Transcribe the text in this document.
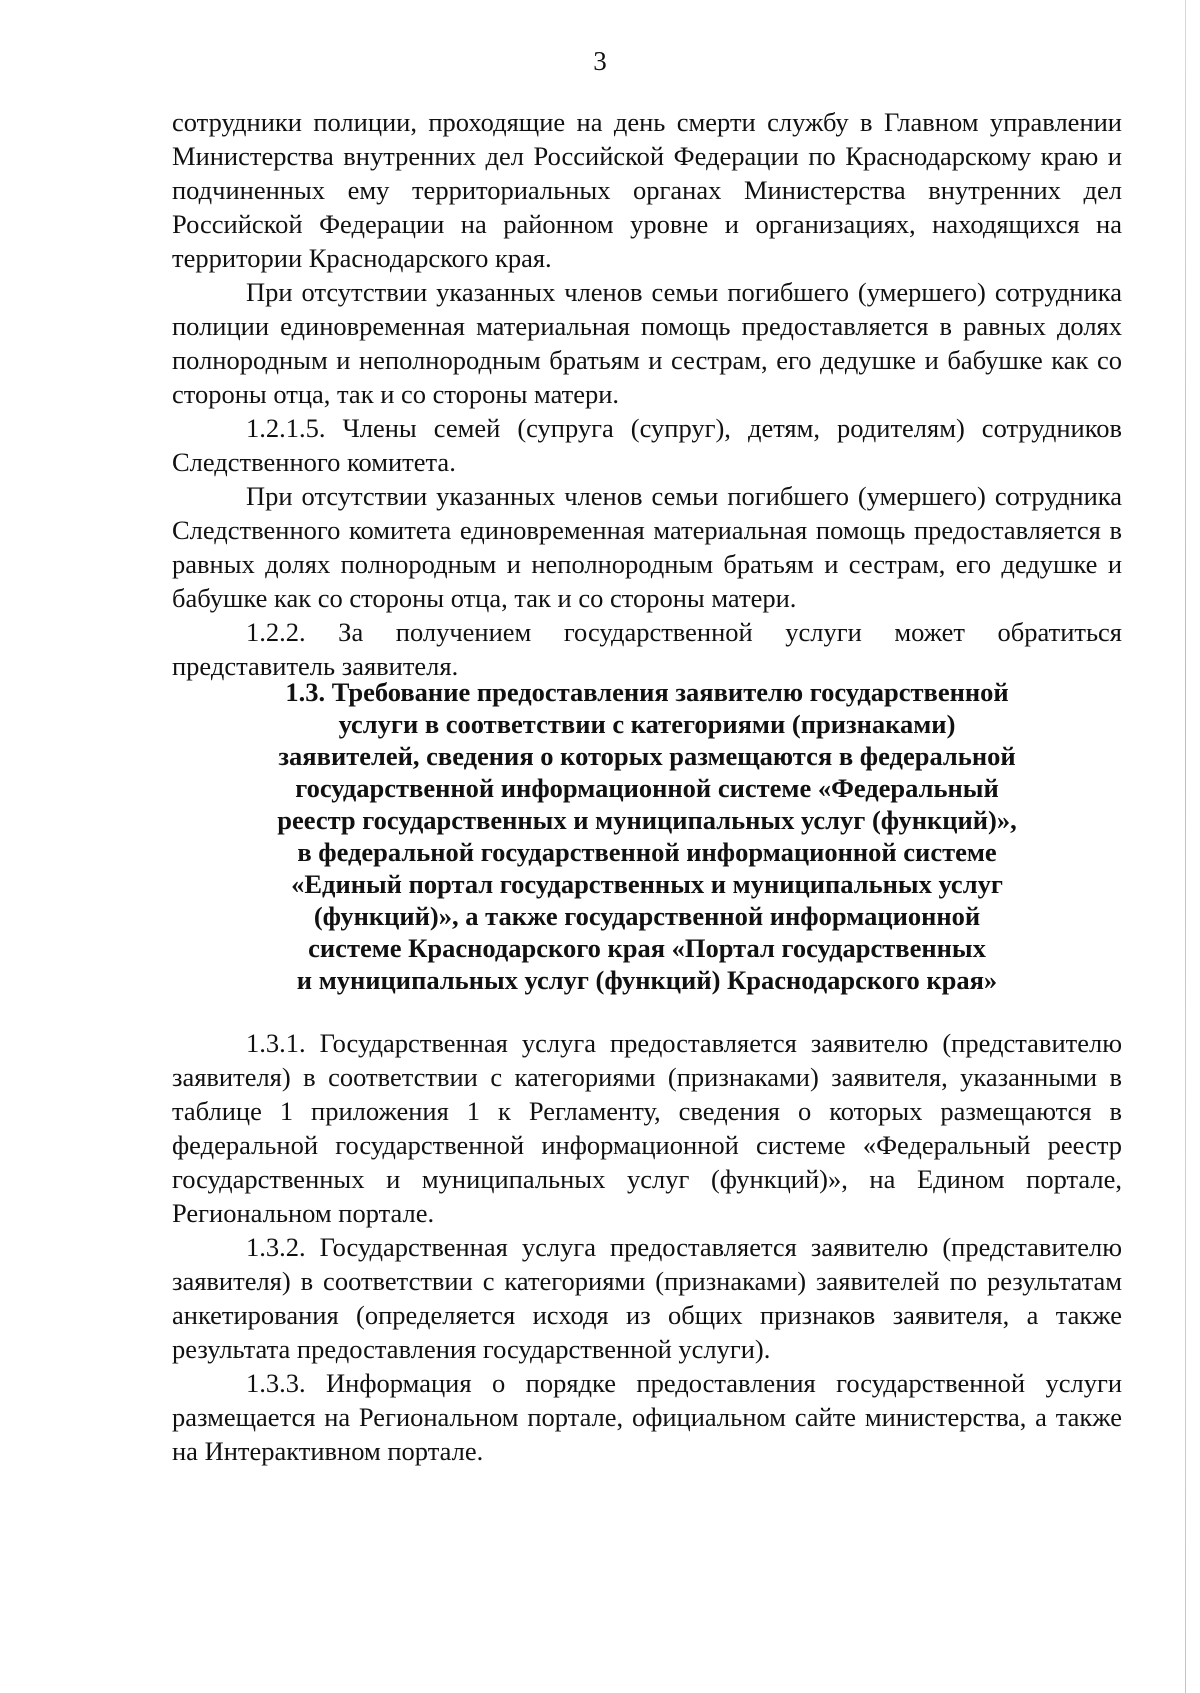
3

сотрудники полиции, проходящие на день смерти службу в Главном управлении Министерства внутренних дел Российской Федерации по Краснодарскому краю и подчиненных ему территориальных органах Министерства внутренних дел Российской Федерации на районном уровне и организациях, находящихся на территории Краснодарского края.

При отсутствии указанных членов семьи погибшего (умершего) сотрудника полиции единовременная материальная помощь предоставляется в равных долях полнородным и неполнородным братьям и сестрам, его дедушке и бабушке как со стороны отца, так и со стороны матери.

1.2.1.5. Члены семей (супруга (супруг), детям, родителям) сотрудников Следственного комитета.

При отсутствии указанных членов семьи погибшего (умершего) сотрудника Следственного комитета единовременная материальная помощь предоставляется в равных долях полнородным и неполнородным братьям и сестрам, его дедушке и бабушке как со стороны отца, так и со стороны матери.

1.2.2. За получением государственной услуги может обратиться представитель заявителя.

1.3. Требование предоставления заявителю государственной
услуги в соответствии с категориями (признаками)
заявителей, сведения о которых размещаются в федеральной
государственной информационной системе «Федеральный
реестр государственных и муниципальных услуг (функций)»,
в федеральной государственной информационной системе
«Единый портал государственных и муниципальных услуг
(функций)», а также государственной информационной
системе Краснодарского края «Портал государственных
и муниципальных услуг (функций) Краснодарского края»

1.3.1. Государственная услуга предоставляется заявителю (представителю заявителя) в соответствии с категориями (признаками) заявителя, указанными в таблице 1 приложения 1 к Регламенту, сведения о которых размещаются в федеральной государственной информационной системе «Федеральный реестр государственных и муниципальных услуг (функций)», на Едином портале, Региональном портале.

1.3.2. Государственная услуга предоставляется заявителю (представителю заявителя) в соответствии с категориями (признаками) заявителей по результатам анкетирования (определяется исходя из общих признаков заявителя, а также результата предоставления государственной услуги).

1.3.3. Информация о порядке предоставления государственной услуги размещается на Региональном портале, официальном сайте министерства, а также на Интерактивном портале.
